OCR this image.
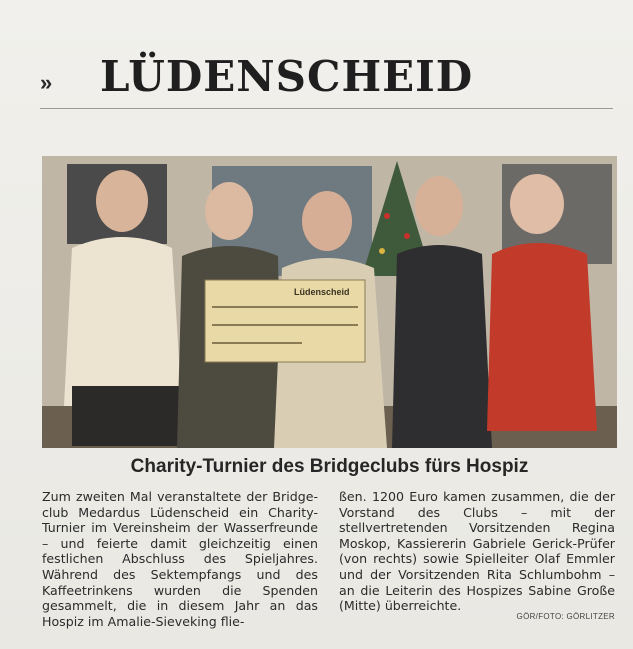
» LÜDENSCHEID
Lüdenscheid
Charity-Turnier des Bridgeclubs fürs Hospiz
Zum zweiten Mal veranstaltete der Bridge-club Medardus Lüdenscheid ein Charity-Turnier im Vereinsheim der Wasserfreunde – und feierte damit gleichzeitig einen festlichen Abschluss des Spieljahres. Während des Sektempfangs und des Kaffeetrinkens wurden die Spenden gesammelt, die in diesem Jahr an das Hospiz im Amalie-Sieveking flie-
ßen. 1200 Euro kamen zusammen, die der Vorstand des Clubs – mit der stellvertretenden Vorsitzenden Regina Moskop, Kassiererin Gabriele Gerick-Prüfer (von rechts) sowie Spielleiter Olaf Emmler und der Vorsitzenden Rita Schlumbohm – an die Leiterin des Hospizes Sabine Große (Mitte) überreichte.
GÖR/FOTO: GÖRLITZER
